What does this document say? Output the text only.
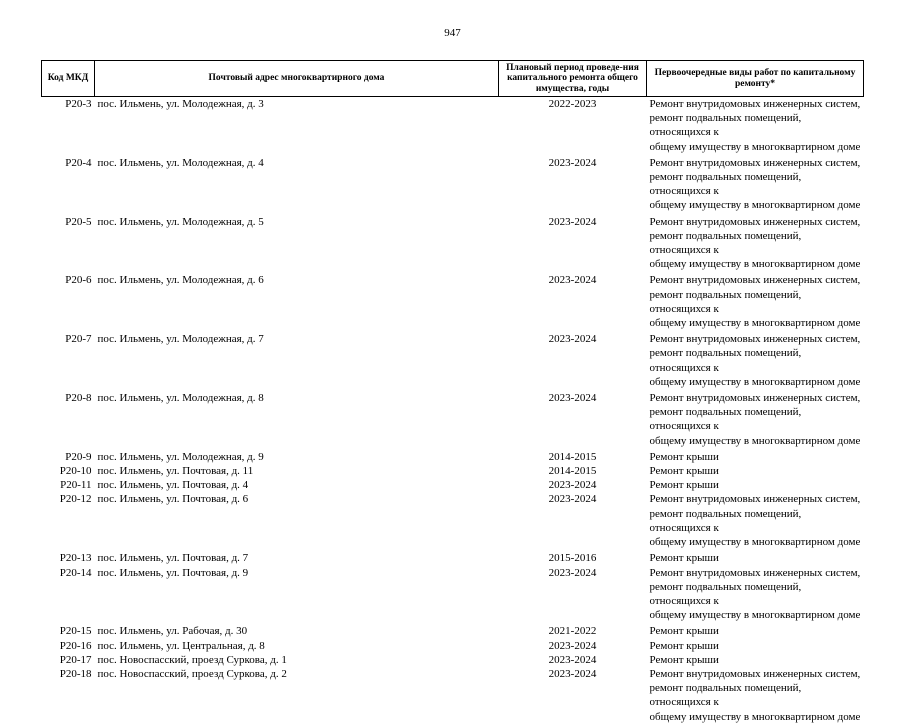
947
Код МКД	Почтовый адрес многоквартирного дома	Плановый период проведе-ния капитального ремонта общего имущества, годы	Первоочередные виды работ по капитальному ремонту*
Р20-3	пос. Ильмень, ул. Молодежная, д. 3	2022-2023	Ремонт внутридомовых инженерных систем,
ремонт подвальных помещений, относящихся к
общему имуществу в многоквартирном доме

Р20-4	пос. Ильмень, ул. Молодежная, д. 4	2023-2024	Ремонт внутридомовых инженерных систем,
ремонт подвальных помещений, относящихся к
общему имуществу в многоквартирном доме

Р20-5	пос. Ильмень, ул. Молодежная, д. 5	2023-2024	Ремонт внутридомовых инженерных систем,
ремонт подвальных помещений, относящихся к
общему имуществу в многоквартирном доме

Р20-6	пос. Ильмень, ул. Молодежная, д. 6	2023-2024	Ремонт внутридомовых инженерных систем,
ремонт подвальных помещений, относящихся к
общему имуществу в многоквартирном доме

Р20-7	пос. Ильмень, ул. Молодежная, д. 7	2023-2024	Ремонт внутридомовых инженерных систем,
ремонт подвальных помещений, относящихся к
общему имуществу в многоквартирном доме

Р20-8	пос. Ильмень, ул. Молодежная, д. 8	2023-2024	Ремонт внутридомовых инженерных систем,
ремонт подвальных помещений, относящихся к
общему имуществу в многоквартирном доме

Р20-9	пос. Ильмень, ул. Молодежная, д. 9	2014-2015	Ремонт крыши

Р20-10	пос. Ильмень, ул. Почтовая, д. 11	2014-2015	Ремонт крыши

Р20-11	пос. Ильмень, ул. Почтовая, д. 4	2023-2024	Ремонт крыши

Р20-12	пос. Ильмень, ул. Почтовая, д. 6	2023-2024	Ремонт внутридомовых инженерных систем,
ремонт подвальных помещений, относящихся к
общему имуществу в многоквартирном доме

Р20-13	пос. Ильмень, ул. Почтовая, д. 7	2015-2016	Ремонт крыши

Р20-14	пос. Ильмень, ул. Почтовая, д. 9	2023-2024	Ремонт внутридомовых инженерных систем,
ремонт подвальных помещений, относящихся к
общему имуществу в многоквартирном доме

Р20-15	пос. Ильмень, ул. Рабочая, д. 30	2021-2022	Ремонт крыши

Р20-16	пос. Ильмень, ул. Центральная, д. 8	2023-2024	Ремонт крыши

Р20-17	пос. Новоспасский, проезд Суркова, д. 1	2023-2024	Ремонт крыши

Р20-18	пос. Новоспасский, проезд Суркова, д. 2	2023-2024	Ремонт внутридомовых инженерных систем,
ремонт подвальных помещений, относящихся к
общему имуществу в многоквартирном доме
